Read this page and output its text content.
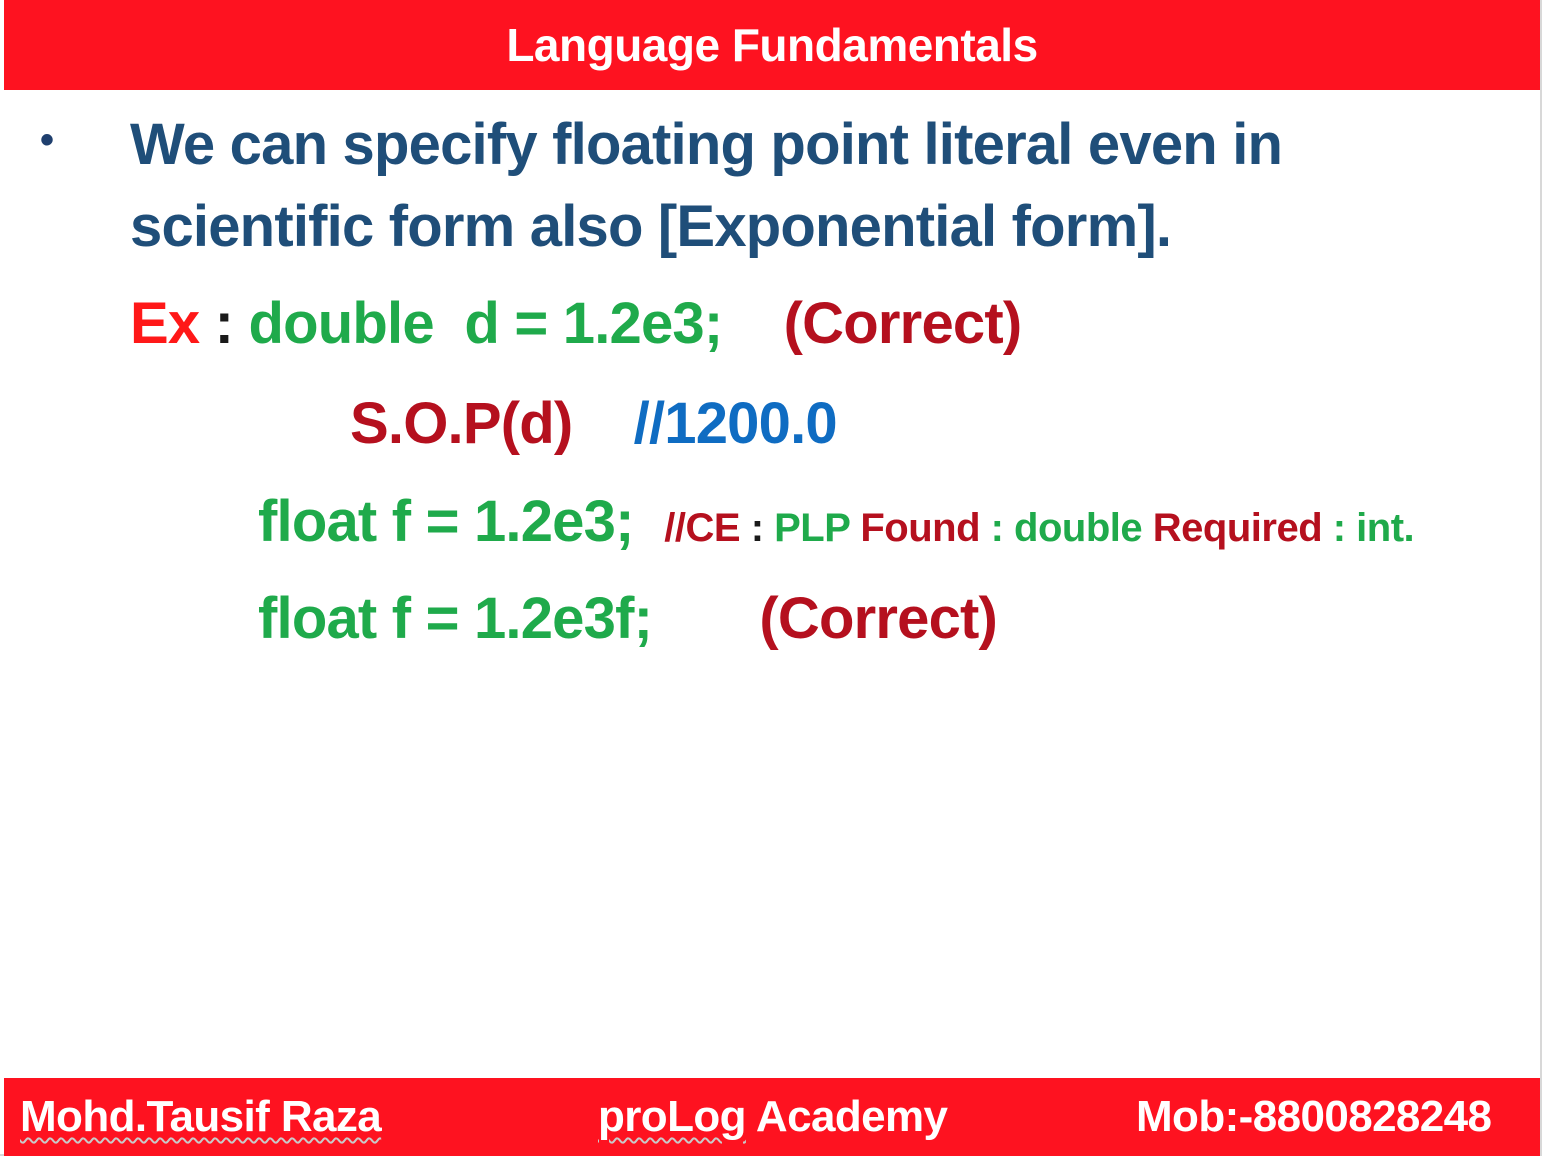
Language Fundamentals
• We can specify floating point literal even in scientific form also [Exponential form].

Ex : double  d = 1.2e3; (Correct)
S.O.P(d) //1200.0
float f = 1.2e3; //CE : PLP Found : double Required : int.
float f = 1.2e3f; (Correct)
Mohd.Tausif Raza	proLog Academy	Mob:-8800828248
